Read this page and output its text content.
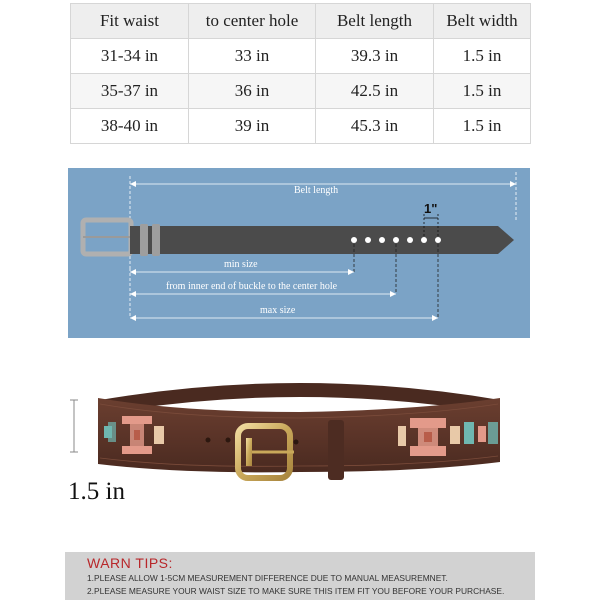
Fit waist	to center hole	Belt length	Belt width
31-34 in	33 in	39.3 in	1.5 in
35-37 in	36 in	42.5 in	1.5 in
38-40 in	39 in	45.3 in	1.5 in
Belt length
1"
min size
from inner end of buckle to the center hole
max size
1.5 in
WARN TIPS:
1.PLEASE ALLOW 1-5CM MEASUREMENT DIFFERENCE DUE TO MANUAL MEASUREMNET.
2.PLEASE MEASURE YOUR WAIST SIZE TO MAKE SURE THIS ITEM FIT YOU BEFORE YOUR PURCHASE.
